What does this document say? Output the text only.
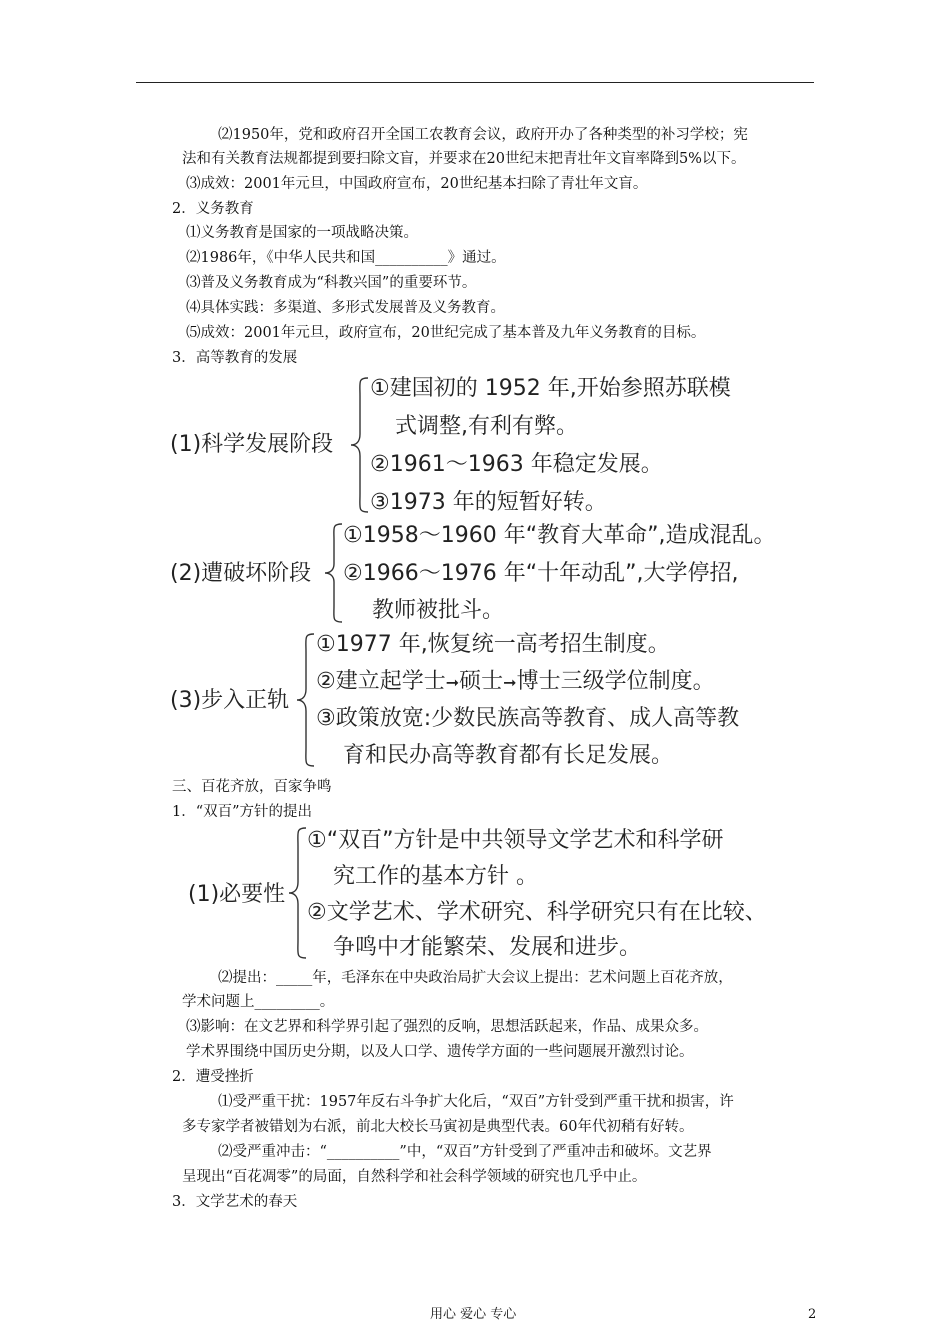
⑵1950年，党和政府召开全国工农教育会议，政府开办了各种类型的补习学校；宪
法和有关教育法规都提到要扫除文盲，并要求在20世纪末把青壮年文盲率降到5%以下。
⑶成效：2001年元旦，中国政府宣布，20世纪基本扫除了青壮年文盲。
2．义务教育
⑴义务教育是国家的一项战略决策。
⑵1986年，《中华人民共和国__________》通过。
⑶普及义务教育成为“科教兴国”的重要环节。
⑷具体实践：多渠道、多形式发展普及义务教育。
⑸成效：2001年元旦，政府宣布，20世纪完成了基本普及九年义务教育的目标。
3．高等教育的发展
(1)科学发展阶段
①建国初的 1952 年,开始参照苏联模
式调整,有利有弊。
②1961～1963 年稳定发展。
③1973 年的短暂好转。
(2)遭破坏阶段
①1958～1960 年“教育大革命”,造成混乱。
②1966～1976 年“十年动乱”,大学停招,
教师被批斗。
(3)步入正轨
①1977 年,恢复统一高考招生制度。
②建立起学士➞硕士➞博士三级学位制度。
③政策放宽:少数民族高等教育、成人高等教
育和民办高等教育都有长足发展。
三、百花齐放，百家争鸣
1．“双百”方针的提出
(1)必要性
①“双百”方针是中共领导文学艺术和科学研
究工作的基本方针 。
②文学艺术、学术研究、科学研究只有在比较、
争鸣中才能繁荣、发展和进步。
⑵提出：_____年，毛泽东在中央政治局扩大会议上提出：艺术问题上百花齐放，
学术问题上_________。
⑶影响：在文艺界和科学界引起了强烈的反响，思想活跃起来，作品、成果众多。
学术界围绕中国历史分期，以及人口学、遗传学方面的一些问题展开激烈讨论。
2．遭受挫折
⑴受严重干扰：1957年反右斗争扩大化后，“双百”方针受到严重干扰和损害，许
多专家学者被错划为右派，前北大校长马寅初是典型代表。60年代初稍有好转。
⑵受严重冲击：“__________”中，“双百”方针受到了严重冲击和破坏。文艺界
呈现出“百花凋零”的局面，自然科学和社会科学领域的研究也几乎中止。
3．文学艺术的春天
用心 爱心 专心	2
